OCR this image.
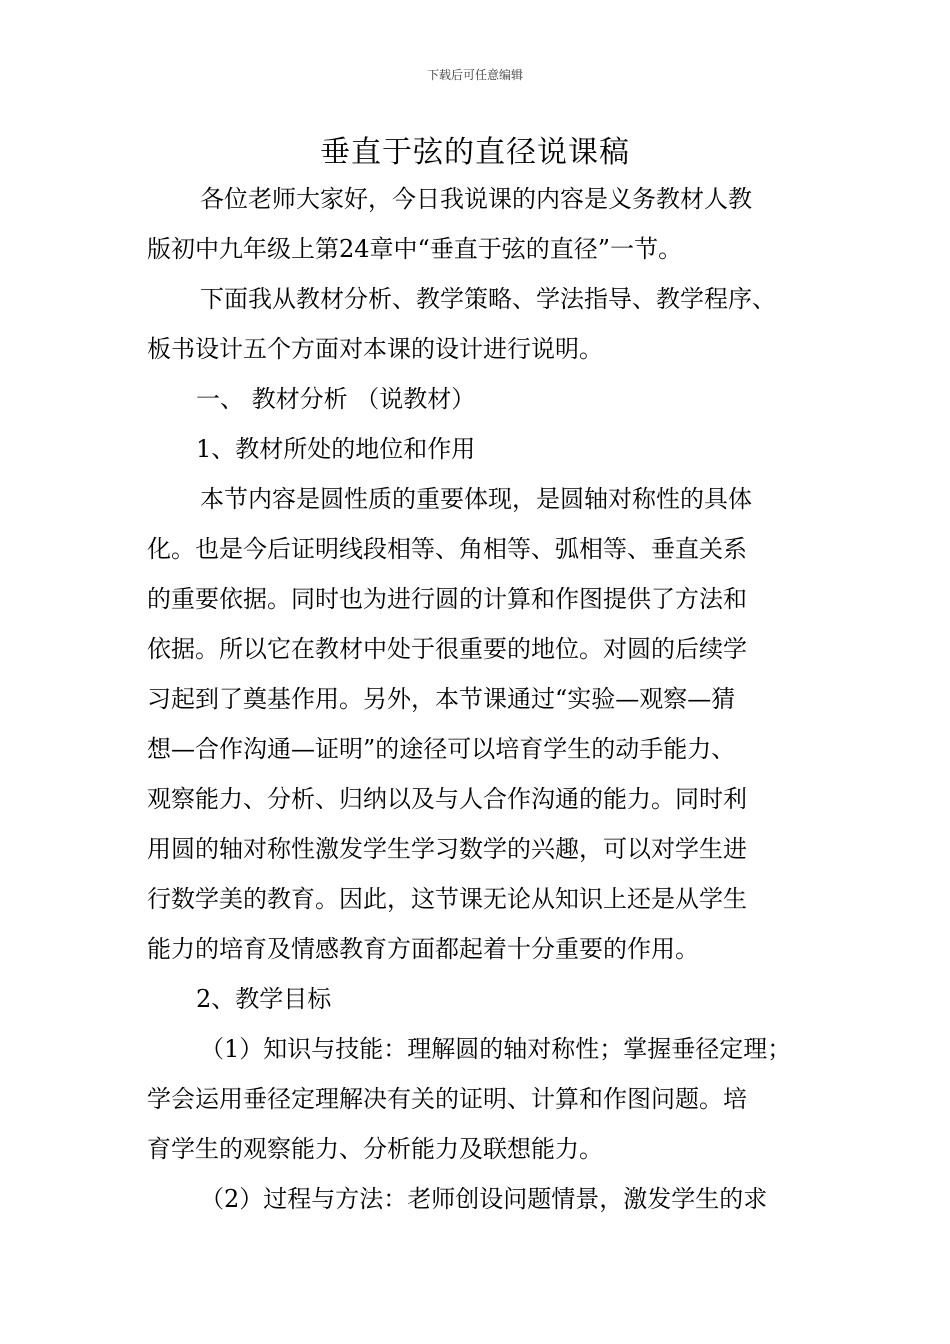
下载后可任意编辑
垂直于弦的直径说课稿
各位老师大家好，今日我说课的内容是义务教材人教
版初中九年级上第24章中“垂直于弦的直径”一节。
下面我从教材分析、教学策略、学法指导、教学程序、
板书设计五个方面对本课的设计进行说明。
一、 教材分析 （说教材）
1、教材所处的地位和作用
本节内容是圆性质的重要体现，是圆轴对称性的具体
化。也是今后证明线段相等、角相等、弧相等、垂直关系
的重要依据。同时也为进行圆的计算和作图提供了方法和
依据。所以它在教材中处于很重要的地位。对圆的后续学
习起到了奠基作用。另外，本节课通过“实验—观察—猜
想—合作沟通—证明”的途径可以培育学生的动手能力、
观察能力、分析、归纳以及与人合作沟通的能力。同时利
用圆的轴对称性激发学生学习数学的兴趣，可以对学生进
行数学美的教育。因此，这节课无论从知识上还是从学生
能力的培育及情感教育方面都起着十分重要的作用。
2、教学目标
（1）知识与技能：理解圆的轴对称性；掌握垂径定理；
学会运用垂径定理解决有关的证明、计算和作图问题。培
育学生的观察能力、分析能力及联想能力。
（2）过程与方法：老师创设问题情景，激发学生的求
